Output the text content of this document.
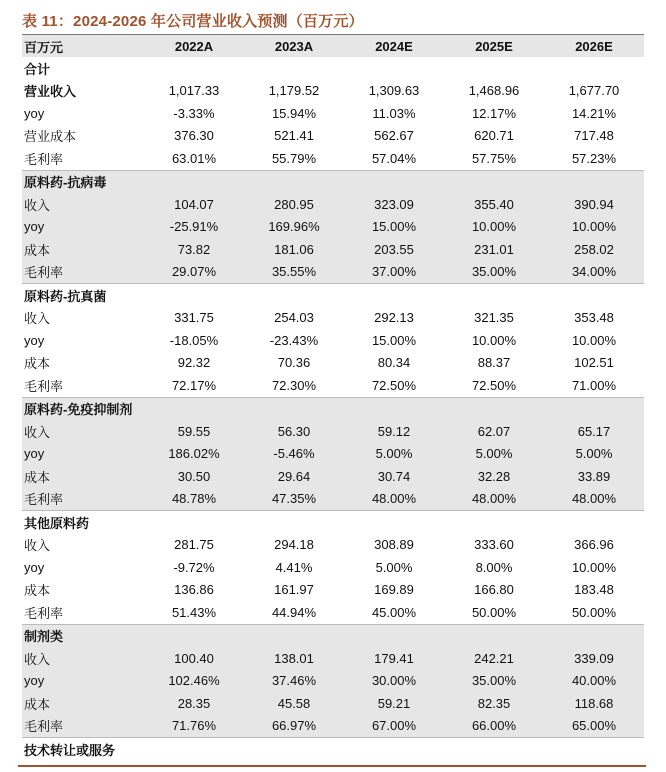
表 11：2024-2026 年公司营业收入预测（百万元）
百万元	2022A	2023A	2024E	2025E	2026E
合计
营业收入	1,017.33	1,179.52	1,309.63	1,468.96	1,677.70
yoy	-3.33%	15.94%	11.03%	12.17%	14.21%
营业成本	376.30	521.41	562.67	620.71	717.48
毛利率	63.01%	55.79%	57.04%	57.75%	57.23%
原料药-抗病毒
收入	104.07	280.95	323.09	355.40	390.94
yoy	-25.91%	169.96%	15.00%	10.00%	10.00%
成本	73.82	181.06	203.55	231.01	258.02
毛利率	29.07%	35.55%	37.00%	35.00%	34.00%
原料药-抗真菌
收入	331.75	254.03	292.13	321.35	353.48
yoy	-18.05%	-23.43%	15.00%	10.00%	10.00%
成本	92.32	70.36	80.34	88.37	102.51
毛利率	72.17%	72.30%	72.50%	72.50%	71.00%
原料药-免疫抑制剂
收入	59.55	56.30	59.12	62.07	65.17
yoy	186.02%	-5.46%	5.00%	5.00%	5.00%
成本	30.50	29.64	30.74	32.28	33.89
毛利率	48.78%	47.35%	48.00%	48.00%	48.00%
其他原料药
收入	281.75	294.18	308.89	333.60	366.96
yoy	-9.72%	4.41%	5.00%	8.00%	10.00%
成本	136.86	161.97	169.89	166.80	183.48
毛利率	51.43%	44.94%	45.00%	50.00%	50.00%
制剂类
收入	100.40	138.01	179.41	242.21	339.09
yoy	102.46%	37.46%	30.00%	35.00%	40.00%
成本	28.35	45.58	59.21	82.35	118.68
毛利率	71.76%	66.97%	67.00%	66.00%	65.00%
技术转让或服务
